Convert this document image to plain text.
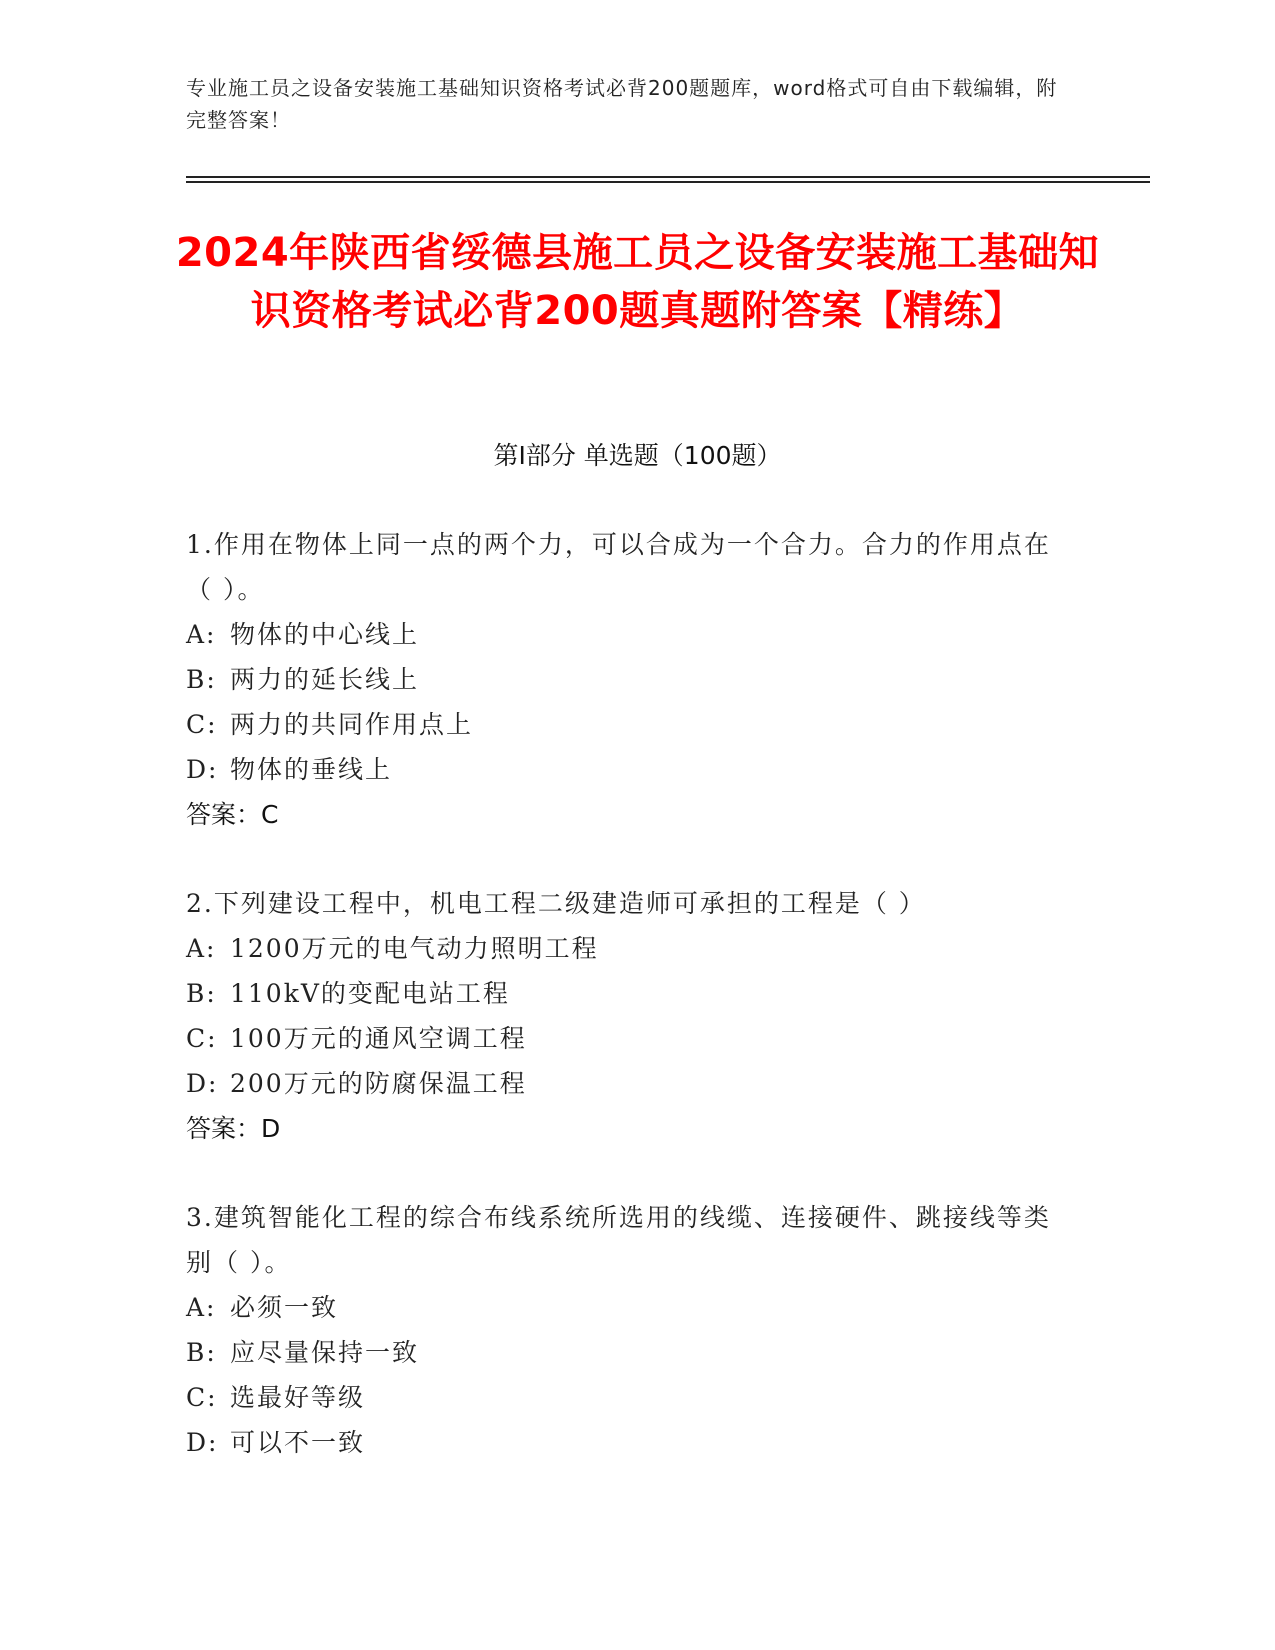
专业施工员之设备安装施工基础知识资格考试必背200题题库，word格式可自由下载编辑，附完整答案！
2024年陕西省绥德县施工员之设备安装施工基础知识资格考试必背200题真题附答案【精练】
第Ⅰ部分 单选题（100题）

1.作用在物体上同一点的两个力，可以合成为一个合力。合力的作用点在（ ）。

A: 物体的中心线上

B: 两力的延长线上

C: 两力的共同作用点上

D: 物体的垂线上

答案：C

2.下列建设工程中，机电工程二级建造师可承担的工程是（ ）

A: 1200万元的电气动力照明工程

B: 110kV的变配电站工程

C: 100万元的通风空调工程

D: 200万元的防腐保温工程

答案：D

3.建筑智能化工程的综合布线系统所选用的线缆、连接硬件、跳接线等类别（ ）。

A: 必须一致

B: 应尽量保持一致

C: 选最好等级

D: 可以不一致
